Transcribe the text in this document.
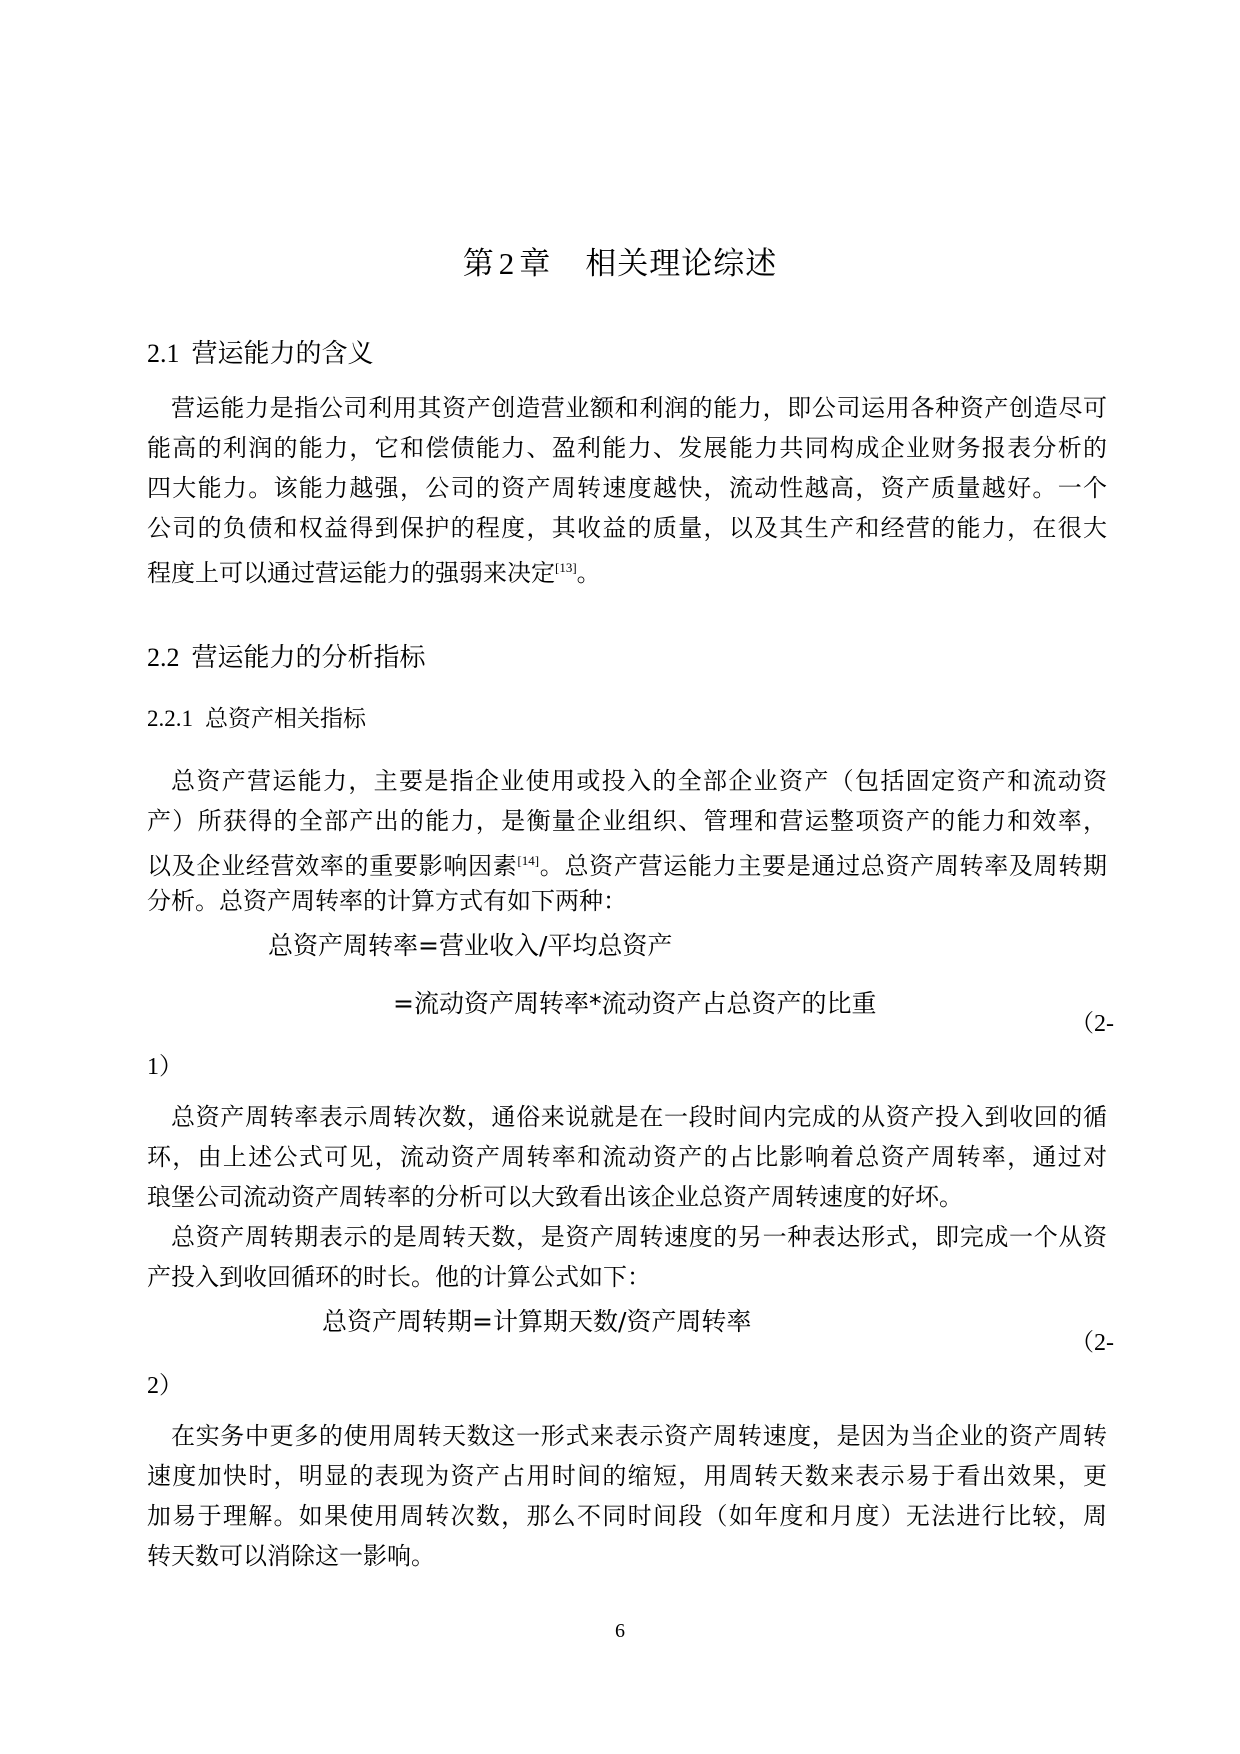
第 2 章 相关理论综述
2.1 营运能力的含义
营运能力是指公司利用其资产创造营业额和利润的能力，即公司运用各种资产创造尽可
能高的利润的能力，它和偿债能力、盈利能力、发展能力共同构成企业财务报表分析的
四大能力。该能力越强，公司的资产周转速度越快，流动性越高，资产质量越好。一个
公司的负债和权益得到保护的程度，其收益的质量，以及其生产和经营的能力，在很大
程度上可以通过营运能力的强弱来决定[13]。
2.2 营运能力的分析指标
2.2.1 总资产相关指标
总资产营运能力，主要是指企业使用或投入的全部企业资产（包括固定资产和流动资
产）所获得的全部产出的能力，是衡量企业组织、管理和营运整项资产的能力和效率，
以及企业经营效率的重要影响因素[14]。总资产营运能力主要是通过总资产周转率及周转期
分析。总资产周转率的计算方式有如下两种：
总资产周转率=营业收入/平均总资产
=流动资产周转率*流动资产占总资产的比重
（2-
1）
总资产周转率表示周转次数，通俗来说就是在一段时间内完成的从资产投入到收回的循
环，由上述公式可见，流动资产周转率和流动资产的占比影响着总资产周转率，通过对
琅堡公司流动资产周转率的分析可以大致看出该企业总资产周转速度的好坏。
总资产周转期表示的是周转天数，是资产周转速度的另一种表达形式，即完成一个从资
产投入到收回循环的时长。他的计算公式如下：
总资产周转期=计算期天数/资产周转率
（2-
2）
在实务中更多的使用周转天数这一形式来表示资产周转速度，是因为当企业的资产周转
速度加快时，明显的表现为资产占用时间的缩短，用周转天数来表示易于看出效果，更
加易于理解。如果使用周转次数，那么不同时间段（如年度和月度）无法进行比较，周
转天数可以消除这一影响。
6
